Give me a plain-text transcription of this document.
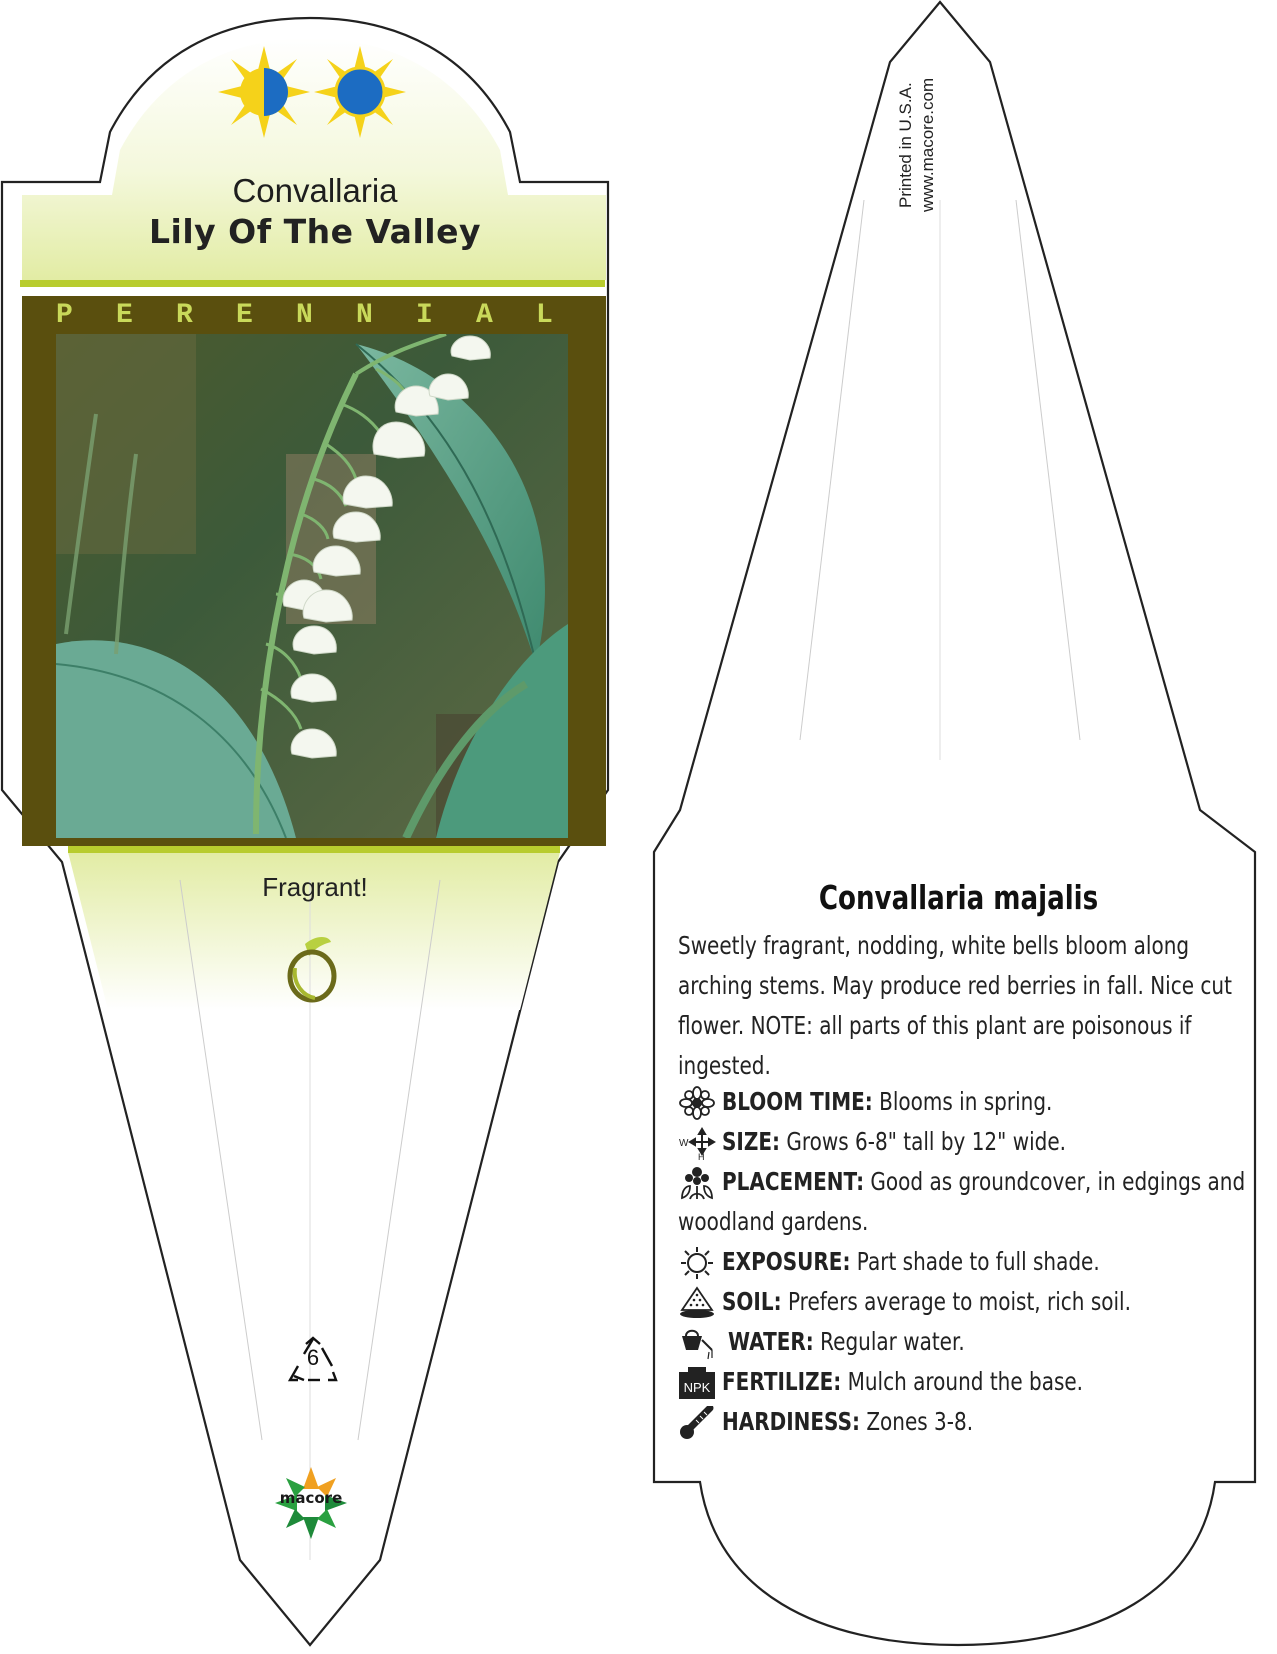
Convallaria
Lily Of The Valley
P E R E N N I A L
Fragrant!
6
macore
Printed in U.S.A. www.macore.com
Convallaria majalis
Sweetly fragrant, nodding, white bells bloom along
arching stems. May produce red berries in fall. Nice cut
flower. NOTE: all parts of this plant are poisonous if
ingested.
BLOOM TIME: Blooms in spring.
W
H
SIZE: Grows 6-8" tall by 12" wide.
PLACEMENT: Good as groundcover, in edgings and
woodland gardens.
EXPOSURE: Part shade to full shade.
SOIL: Prefers average to moist, rich soil.
WATER: Regular water.
NPK FERTILIZE: Mulch around the base.
HARDINESS: Zones 3-8.
